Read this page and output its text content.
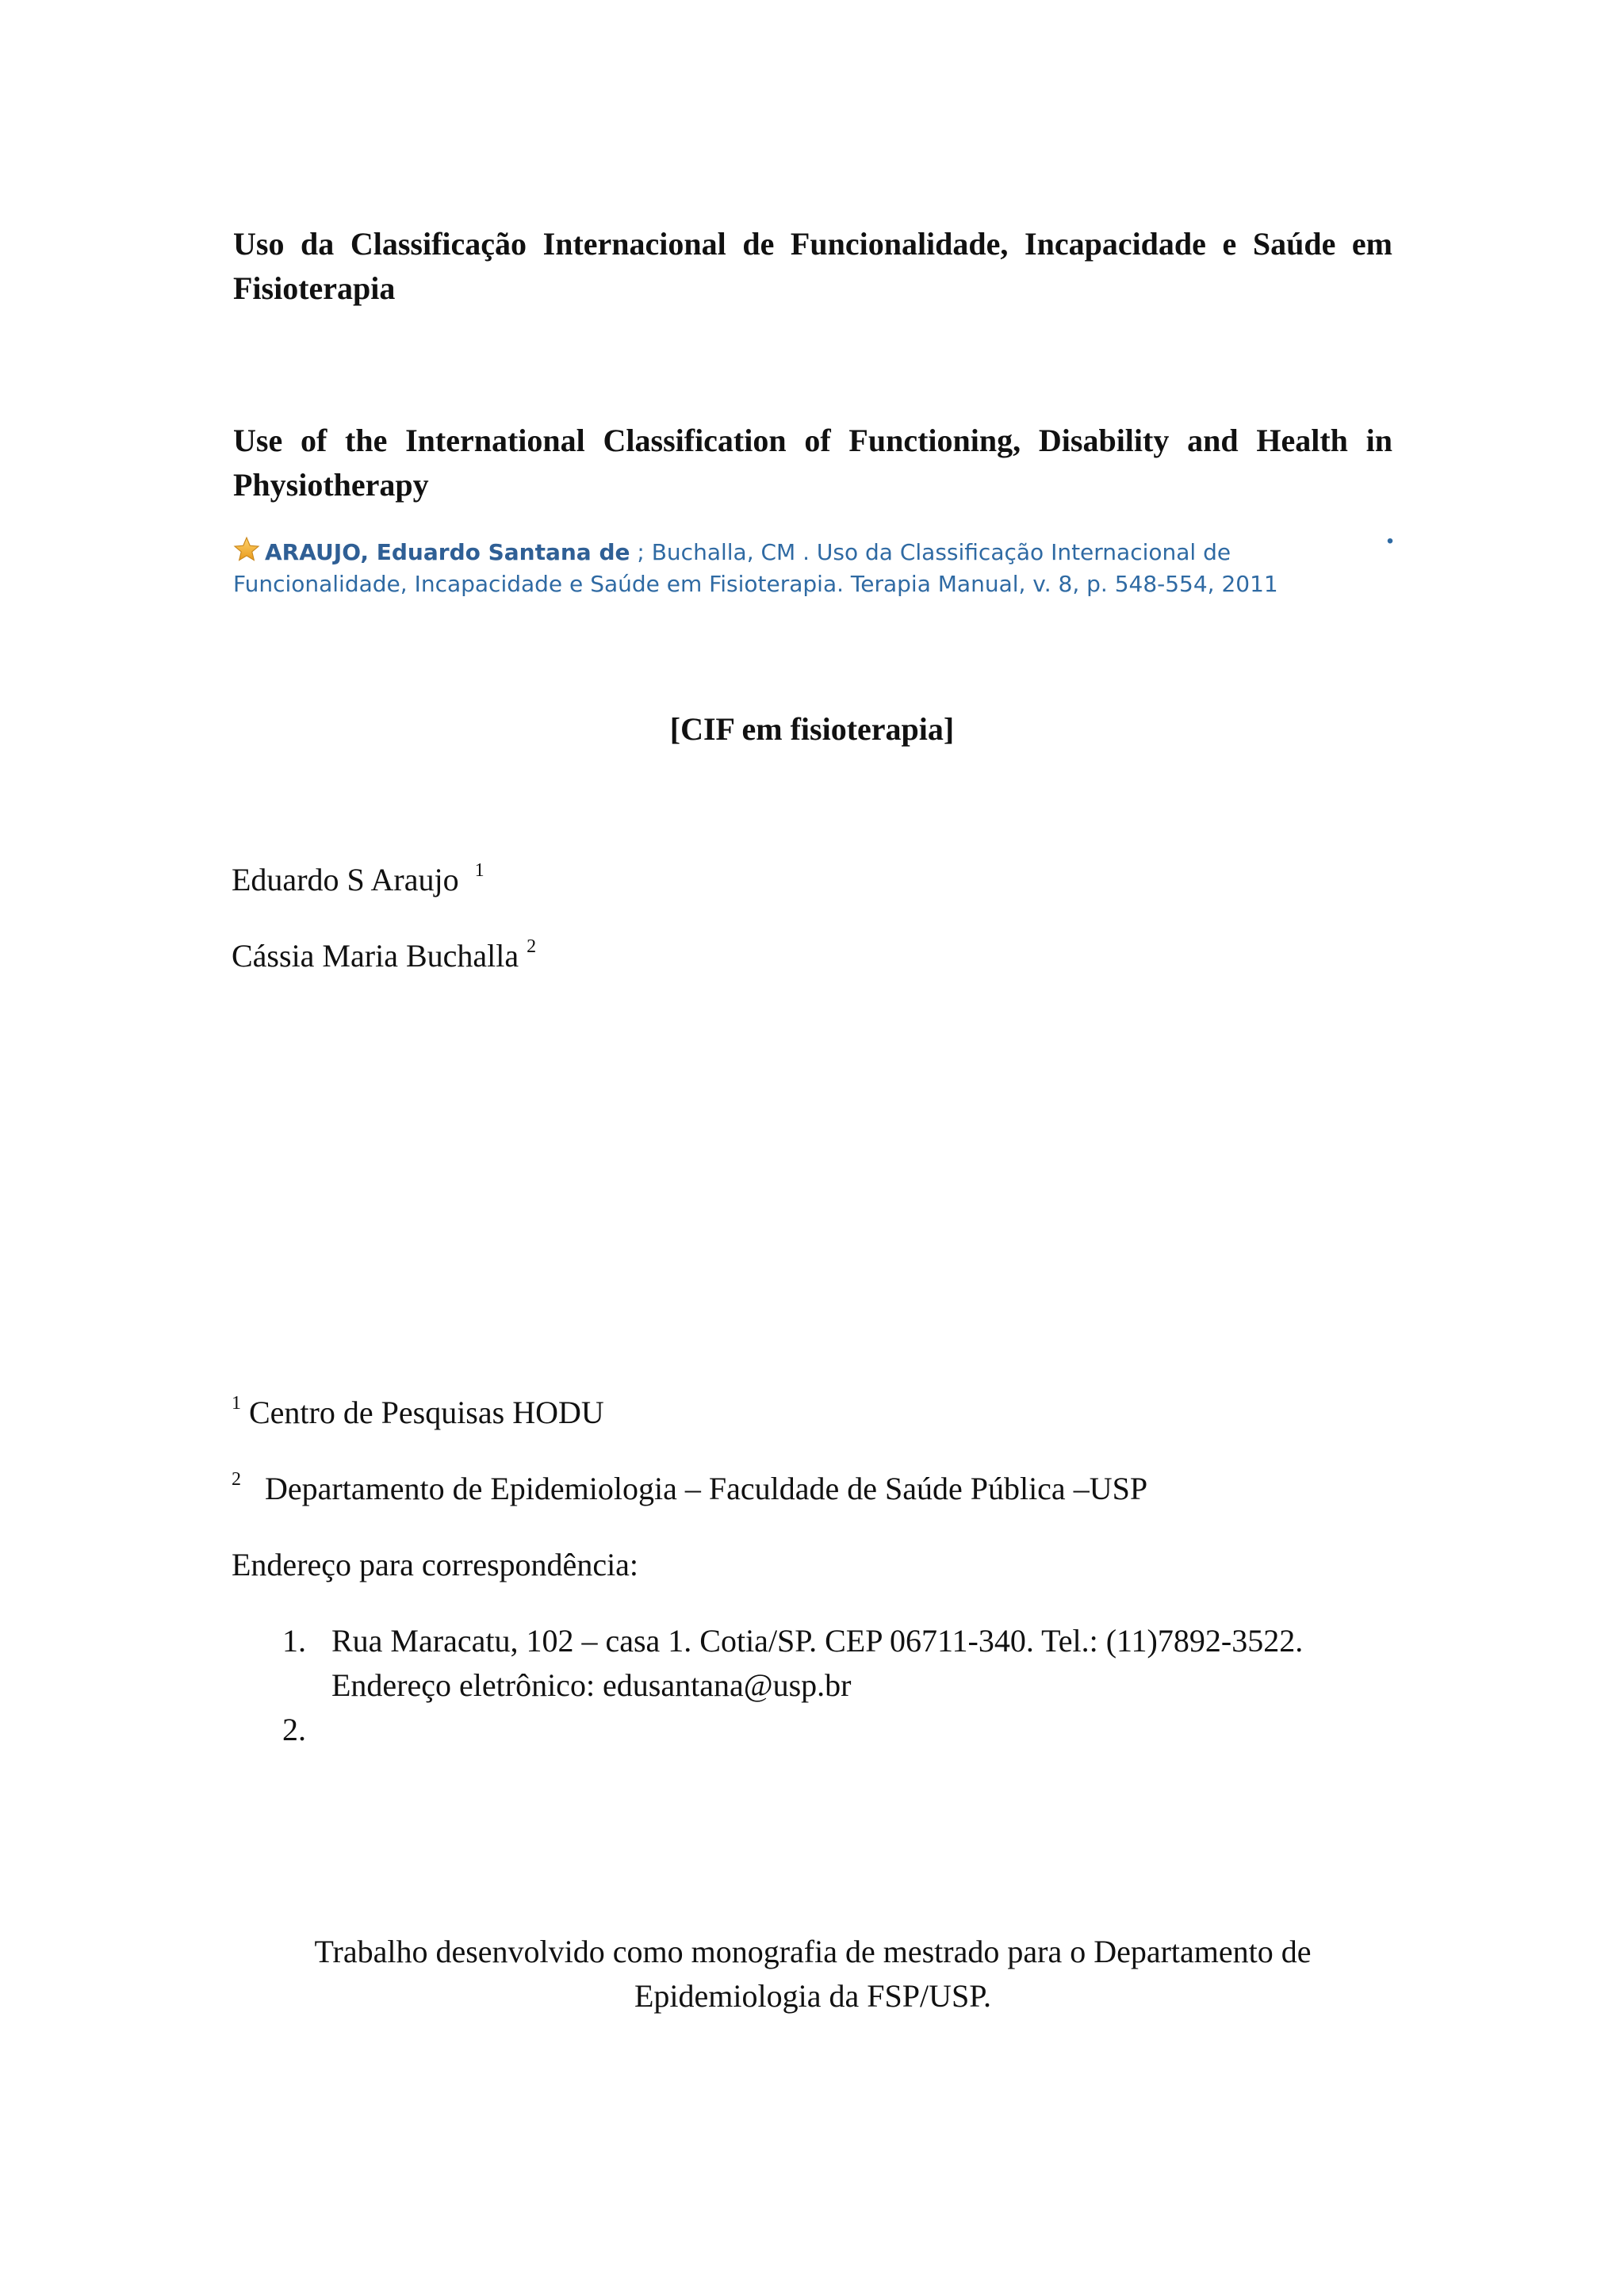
Uso da Classificação Internacional de Funcionalidade, Incapacidade e Saúde em Fisioterapia
Use of the International Classification of Functioning, Disability and Health in Physiotherapy
.
ARAUJO, Eduardo Santana de ; Buchalla, CM . Uso da Classificação Internacional de Funcionalidade, Incapacidade e Saúde em Fisioterapia. Terapia Manual, v. 8, p. 548-554, 2011
[CIF em fisioterapia]
Eduardo S Araujo $^1$
Cássia Maria Buchalla $^2$
$^1$ Centro de Pesquisas HODU
$^2$ Departamento de Epidemiologia – Faculdade de Saúde Pública –USP
Endereço para correspondência:
1. Rua Maracatu, 102 – casa 1. Cotia/SP. CEP 06711-340. Tel.: (11)7892-3522.
Endereço eletrônico: edusantana@usp.br
2.
Trabalho desenvolvido como monografia de mestrado para o Departamento de Epidemiologia da FSP/USP.
